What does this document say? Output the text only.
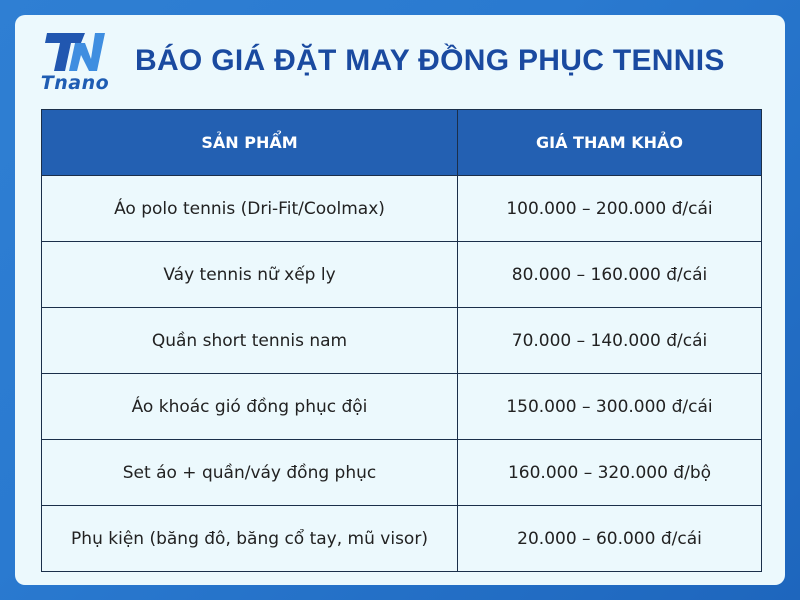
Tnano
BÁO GIÁ ĐẶT MAY ĐỒNG PHỤC TENNIS
SẢN PHẨM	GIÁ THAM KHẢO
Áo polo tennis (Dri-Fit/Coolmax)	100.000 – 200.000 đ/cái
Váy tennis nữ xếp ly	80.000 – 160.000 đ/cái
Quần short tennis nam	70.000 – 140.000 đ/cái
Áo khoác gió đồng phục đội	150.000 – 300.000 đ/cái
Set áo + quần/váy đồng phục	160.000 – 320.000 đ/bộ
Phụ kiện (băng đô, băng cổ tay, mũ visor)	20.000 – 60.000 đ/cái
